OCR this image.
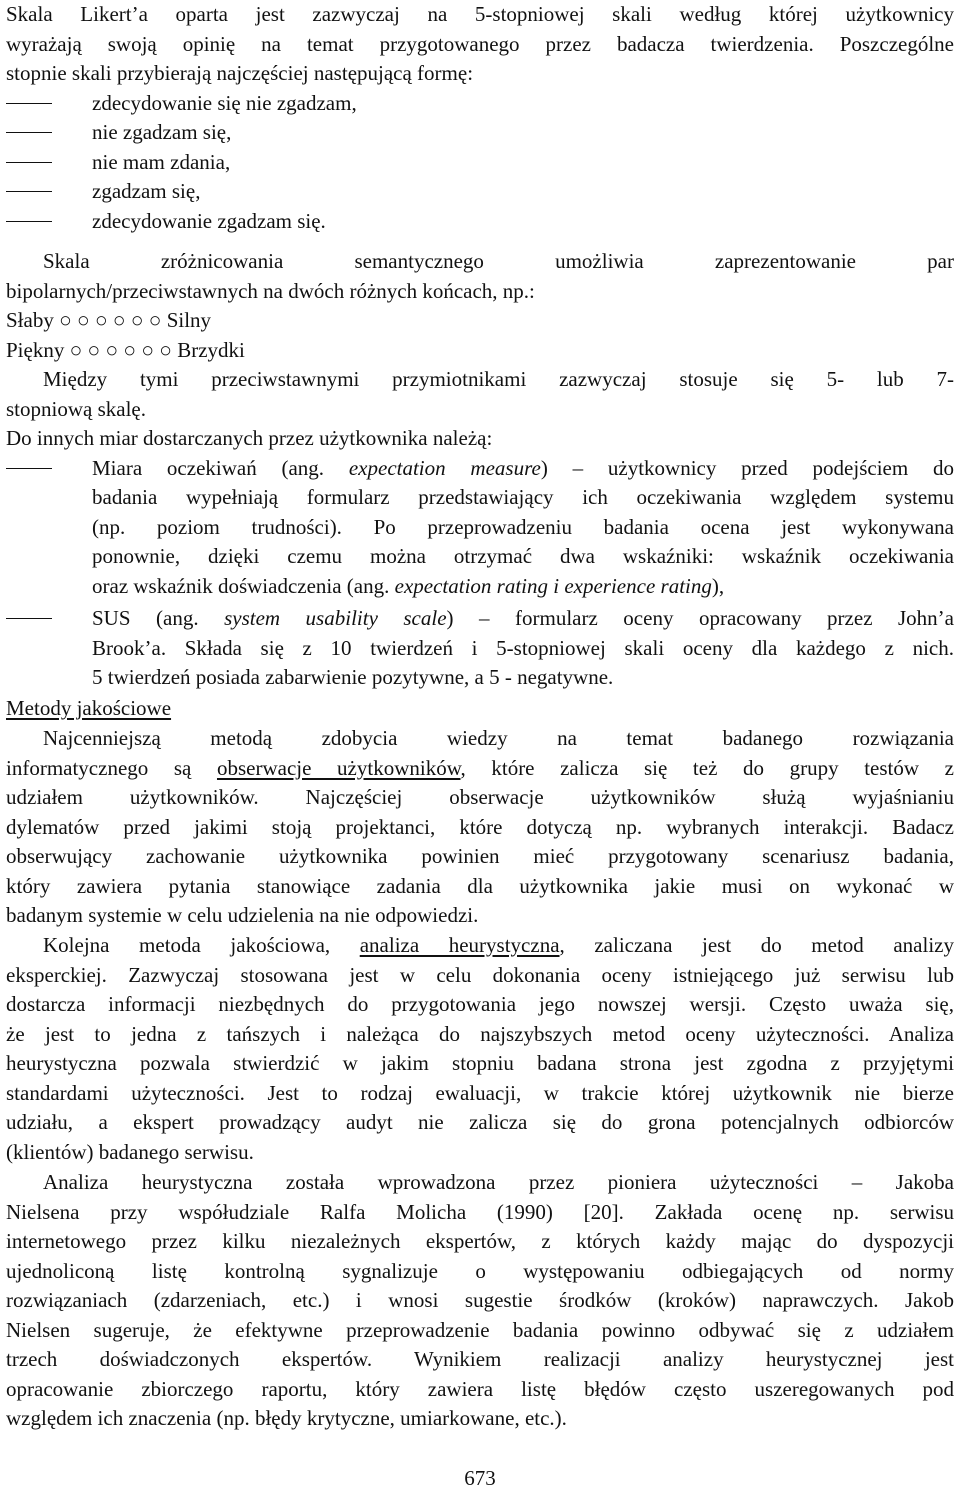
Skala Likert’a oparta jest zazwyczaj na 5-stopniowej skali według której użytkownicy
wyrażają swoją opinię na temat przygotowanego przez badacza twierdzenia. Poszczególne
stopnie skali przybierają najczęściej następującą formę:
zdecydowanie się nie zgadzam,
nie zgadzam się,
nie mam zdania,
zgadzam się,
zdecydowanie zgadzam się.
Skala zróżnicowania semantycznego umożliwia zaprezentowanie par
bipolarnych/przeciwstawnych na dwóch różnych końcach, np.:
Słaby ○ ○ ○ ○ ○ ○ Silny
Piękny ○ ○ ○ ○ ○ ○ Brzydki
Między tymi przeciwstawnymi przymiotnikami zazwyczaj stosuje się 5- lub 7-
stopniową skalę.
Do innych miar dostarczanych przez użytkownika należą:
Miara oczekiwań (ang. expectation measure) – użytkownicy przed podejściem do
badania wypełniają formularz przedstawiający ich oczekiwania względem systemu
(np. poziom trudności). Po przeprowadzeniu badania ocena jest wykonywana
ponownie, dzięki czemu można otrzymać dwa wskaźniki: wskaźnik oczekiwania
oraz wskaźnik doświadczenia (ang. expectation rating i experience rating),
SUS (ang. system usability scale) – formularz oceny opracowany przez John’a
Brook’a. Składa się z 10 twierdzeń i 5-stopniowej skali oceny dla każdego z nich.
5 twierdzeń posiada zabarwienie pozytywne, a 5 - negatywne.
Metody jakościowe
Najcenniejszą metodą zdobycia wiedzy na temat badanego rozwiązania
informatycznego są obserwacje użytkowników, które zalicza się też do grupy testów z
udziałem użytkowników. Najczęściej obserwacje użytkowników służą wyjaśnianiu
dylematów przed jakimi stoją projektanci, które dotyczą np. wybranych interakcji. Badacz
obserwujący zachowanie użytkownika powinien mieć przygotowany scenariusz badania,
który zawiera pytania stanowiące zadania dla użytkownika jakie musi on wykonać w
badanym systemie w celu udzielenia na nie odpowiedzi.
Kolejna metoda jakościowa, analiza heurystyczna, zaliczana jest do metod analizy
eksperckiej. Zazwyczaj stosowana jest w celu dokonania oceny istniejącego już serwisu lub
dostarcza informacji niezbędnych do przygotowania jego nowszej wersji. Często uważa się,
że jest to jedna z tańszych i należąca do najszybszych metod oceny użyteczności. Analiza
heurystyczna pozwala stwierdzić w jakim stopniu badana strona jest zgodna z przyjętymi
standardami użyteczności. Jest to rodzaj ewaluacji, w trakcie której użytkownik nie bierze
udziału, a ekspert prowadzący audyt nie zalicza się do grona potencjalnych odbiorców
(klientów) badanego serwisu.
Analiza heurystyczna została wprowadzona przez pioniera użyteczności – Jakoba
Nielsena przy współudziale Ralfa Molicha (1990) [20]. Zakłada ocenę np. serwisu
internetowego przez kilku niezależnych ekspertów, z których każdy mając do dyspozycji
ujednoliconą listę kontrolną sygnalizuje o występowaniu odbiegających od normy
rozwiązaniach (zdarzeniach, etc.) i wnosi sugestie środków (kroków) naprawczych. Jakob
Nielsen sugeruje, że efektywne przeprowadzenie badania powinno odbywać się z udziałem
trzech doświadczonych ekspertów. Wynikiem realizacji analizy heurystycznej jest
opracowanie zbiorczego raportu, który zawiera listę błędów często uszeregowanych pod
względem ich znaczenia (np. błędy krytyczne, umiarkowane, etc.).
673
